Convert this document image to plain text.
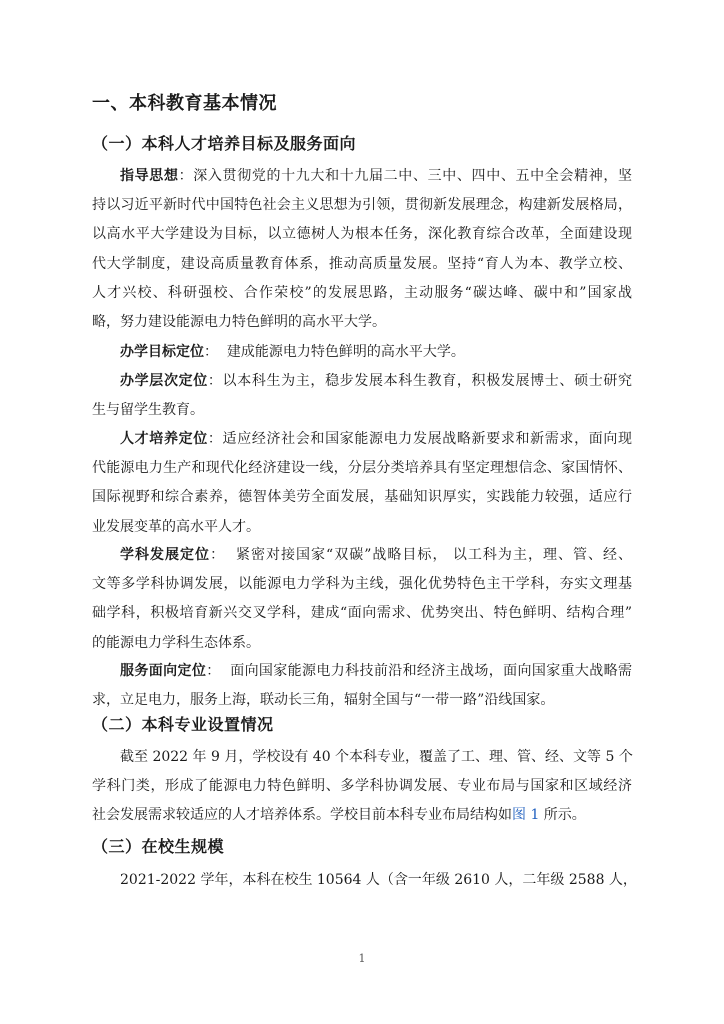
一、本科教育基本情况
（一）本科人才培养目标及服务面向
指导思想：深入贯彻党的十九大和十九届二中、三中、四中、五中全会精神，坚
持以习近平新时代中国特色社会主义思想为引领，贯彻新发展理念，构建新发展格局，
以高水平大学建设为目标，以立德树人为根本任务，深化教育综合改革，全面建设现
代大学制度，建设高质量教育体系，推动高质量发展。坚持“育人为本、教学立校、
人才兴校、科研强校、合作荣校”的发展思路，主动服务“碳达峰、碳中和”国家战
略，努力建设能源电力特色鲜明的高水平大学。
办学目标定位： 建成能源电力特色鲜明的高水平大学。
办学层次定位：以本科生为主，稳步发展本科生教育，积极发展博士、硕士研究
生与留学生教育。
人才培养定位：适应经济社会和国家能源电力发展战略新要求和新需求，面向现
代能源电力生产和现代化经济建设一线，分层分类培养具有坚定理想信念、家国情怀、
国际视野和综合素养，德智体美劳全面发展，基础知识厚实，实践能力较强，适应行
业发展变革的高水平人才。
学科发展定位： 紧密对接国家“双碳”战略目标， 以工科为主，理、管、经、
文等多学科协调发展，以能源电力学科为主线，强化优势特色主干学科，夯实文理基
础学科，积极培育新兴交叉学科，建成“面向需求、优势突出、特色鲜明、结构合理”
的能源电力学科生态体系。
服务面向定位： 面向国家能源电力科技前沿和经济主战场，面向国家重大战略需
求，立足电力，服务上海，联动长三角，辐射全国与“一带一路”沿线国家。
（二）本科专业设置情况
截至 2022 年 9 月，学校设有 40 个本科专业，覆盖了工、理、管、经、文等 5 个
学科门类，形成了能源电力特色鲜明、多学科协调发展、专业布局与国家和区域经济
社会发展需求较适应的人才培养体系。学校目前本科专业布局结构如图 1 所示。
（三）在校生规模
2021-2022 学年，本科在校生 10564 人（含一年级 2610 人，二年级 2588 人，
1
